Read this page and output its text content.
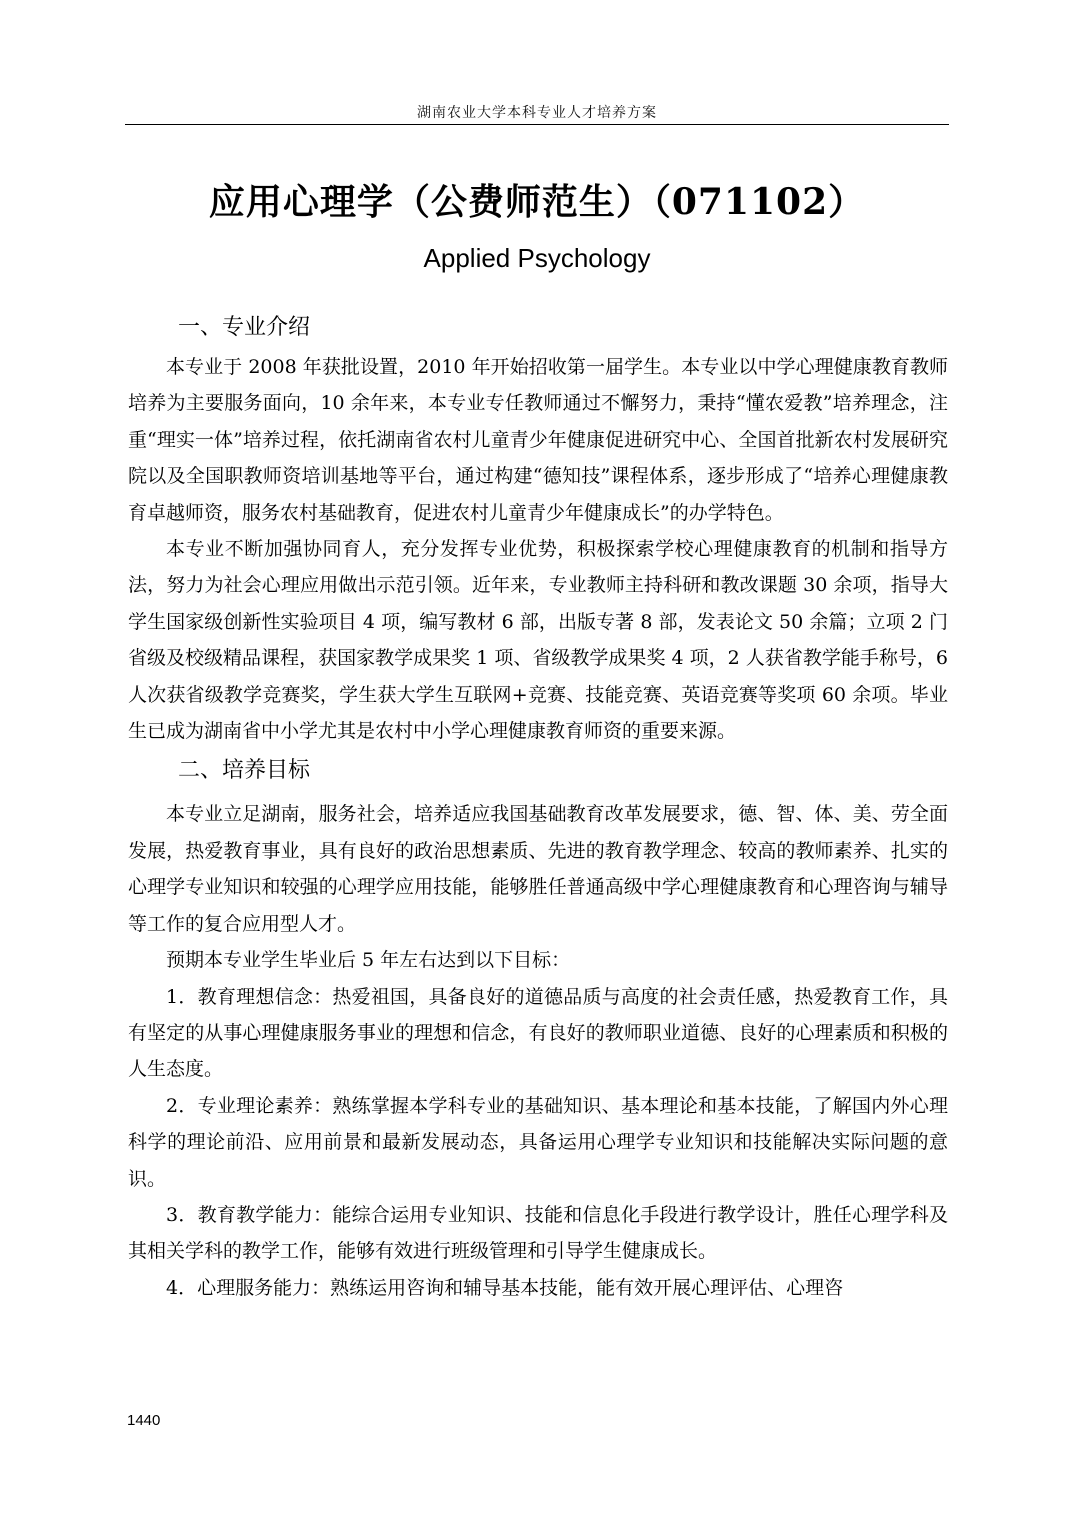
湖南农业大学本科专业人才培养方案
应用心理学（公费师范生）（071102）

Applied Psychology

一、专业介绍

本专业于 2008 年获批设置，2010 年开始招收第一届学生。本专业以中学心理健康教育教师培养为主要服务面向，10 余年来，本专业专任教师通过不懈努力，秉持“懂农爱教”培养理念，注重“理实一体”培养过程，依托湖南省农村儿童青少年健康促进研究中心、全国首批新农村发展研究院以及全国职教师资培训基地等平台，通过构建“德知技”课程体系，逐步形成了“培养心理健康教育卓越师资，服务农村基础教育，促进农村儿童青少年健康成长”的办学特色。

本专业不断加强协同育人，充分发挥专业优势，积极探索学校心理健康教育的机制和指导方法，努力为社会心理应用做出示范引领。近年来，专业教师主持科研和教改课题 30 余项，指导大学生国家级创新性实验项目 4 项，编写教材 6 部，出版专著 8 部，发表论文 50 余篇；立项 2 门省级及校级精品课程，获国家教学成果奖 1 项、省级教学成果奖 4 项，2 人获省教学能手称号，6 人次获省级教学竞赛奖，学生获大学生互联网+竞赛、技能竞赛、英语竞赛等奖项 60 余项。毕业生已成为湖南省中小学尤其是农村中小学心理健康教育师资的重要来源。

二、培养目标

本专业立足湖南，服务社会，培养适应我国基础教育改革发展要求，德、智、体、美、劳全面发展，热爱教育事业，具有良好的政治思想素质、先进的教育教学理念、较高的教师素养、扎实的心理学专业知识和较强的心理学应用技能，能够胜任普通高级中学心理健康教育和心理咨询与辅导等工作的复合应用型人才。

预期本专业学生毕业后 5 年左右达到以下目标：

1．教育理想信念：热爱祖国，具备良好的道德品质与高度的社会责任感，热爱教育工作，具有坚定的从事心理健康服务事业的理想和信念，有良好的教师职业道德、良好的心理素质和积极的人生态度。

2．专业理论素养：熟练掌握本学科专业的基础知识、基本理论和基本技能，了解国内外心理科学的理论前沿、应用前景和最新发展动态，具备运用心理学专业知识和技能解决实际问题的意识。

3．教育教学能力：能综合运用专业知识、技能和信息化手段进行教学设计，胜任心理学科及其相关学科的教学工作，能够有效进行班级管理和引导学生健康成长。

4．心理服务能力：熟练运用咨询和辅导基本技能，能有效开展心理评估、心理咨

1440
